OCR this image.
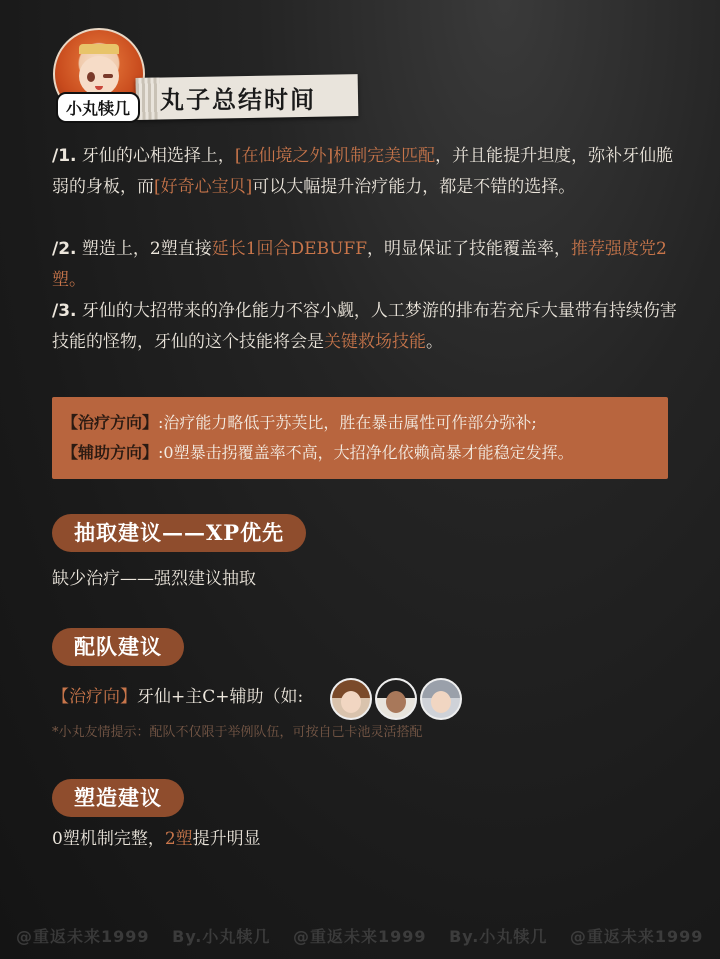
丸子总结时间
小丸犊几
/1. 牙仙的心相选择上，[在仙境之外]机制完美匹配，并且能提升坦度，弥补牙仙脆弱的身板，而[好奇心宝贝]可以大幅提升治疗能力，都是不错的选择。
/2. 塑造上，2塑直接延长1回合DEBUFF，明显保证了技能覆盖率，推荐强度党2塑。
/3. 牙仙的大招带来的净化能力不容小觑，人工梦游的排布若充斥大量带有持续伤害技能的怪物，牙仙的这个技能将会是关键救场技能。
【治疗方向】:治疗能力略低于苏芙比，胜在暴击属性可作部分弥补;
【辅助方向】:0塑暴击拐覆盖率不高，大招净化依赖高暴才能稳定发挥。
抽取建议——XP优先
缺少治疗——强烈建议抽取
配队建议
【治疗向】牙仙+主C+辅助（如:
*小丸友情提示：配队不仅限于举例队伍，可按自己卡池灵活搭配
塑造建议
0塑机制完整，2塑提升明显
@重返未来1999 By.小丸犊几 @重返未来1999 By.小丸犊几 @重返未来1999
